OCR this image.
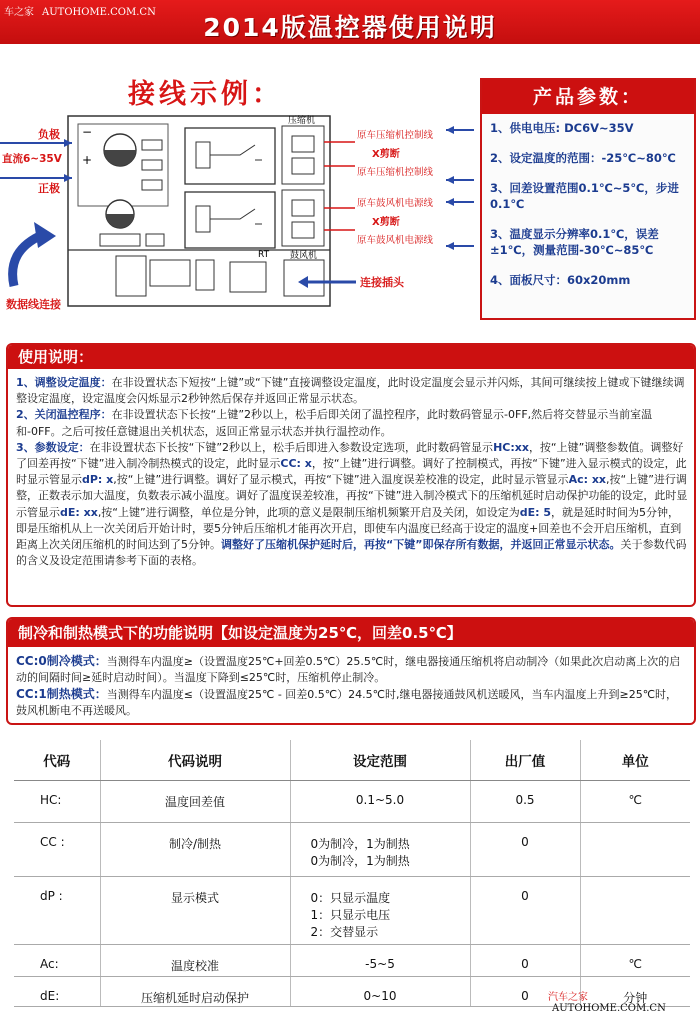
车之家 AUTOHOME.COM.CN
2014版温控器使用说明
接线示例：
−
+
压缩机
鼓风机
RT
负极
直流6~35V
正极
原车压缩机控制线
X剪断
原车压缩机控制线
原车鼓风机电源线
X剪断
原车鼓风机电源线
数据线连接
连接插头
产品参数：
1、供电电压: DC6V~35V
2、设定温度的范围：-25℃~80℃
3、回差设置范围0.1℃~5℃，步进0.1℃
3、温度显示分辨率0.1℃，误差±1℃，测量范围-30℃~85℃
4、面板尺寸：60x20mm
使用说明：

1、调整设定温度：在非设置状态下短按“上键”或“下键”直接调整设定温度，此时设定温度会显示并闪烁，其间可继续按上键或下键继续调整设定温度，设定温度会闪烁显示2秒钟然后保存并返回正常显示状态。

2、关闭温控程序：在非设置状态下长按“上键”2秒以上，松手后即关闭了温控程序，此时数码管显示-0FF,然后将交替显示当前室温和-0FF。之后可按任意键退出关机状态，返回正常显示状态并执行温控动作。

3、参数设定：在非设置状态下长按“下键”2秒以上，松手后即进入参数设定选项，此时数码管显示HC:xx，按“上键”调整参数值。调整好了回差再按“下键”进入制冷制热模式的设定，此时显示CC: x，按“上键”进行调整。调好了控制模式，再按“下键”进入显示模式的设定，此时显示管显示dP: x,按“上键”进行调整。调好了显示模式，再按“下键”进入温度误差校准的设定，此时显示管显示Ac: xx,按“上键”进行调整，正数表示加大温度，负数表示减小温度。调好了温度误差较准，再按“下键”进入制冷模式下的压缩机延时启动保护功能的设定，此时显示管显示dE: xx,按“上键”进行调整，单位是分钟，此项的意义是限制压缩机频繁开启及关闭，如设定为dE: 5，就是延时时间为5分钟，即是压缩机从上一次关闭后开始计时，要5分钟后压缩机才能再次开启，即使车内温度已经高于设定的温度+回差也不会开启压缩机，直到距离上次关闭压缩机的时间达到了5分钟。调整好了压缩机保护延时后，再按“下键”即保存所有数据，并返回正常显示状态。关于参数代码的含义及设定范围请参考下面的表格。

制冷和制热模式下的功能说明【如设定温度为25℃，回差0.5℃】

CC:0制冷模式：当测得车内温度≥（设置温度25℃+回差0.5℃）25.5℃时，继电器接通压缩机将启动制冷（如果此次启动离上次的启动的间隔时间≥延时启动时间）。当温度下降到≤25℃时，压缩机停止制冷。

CC:1制热模式：当测得车内温度≤（设置温度25℃ - 回差0.5℃）24.5℃时,继电器接通鼓风机送暖风，当车内温度上升到≥25℃时，鼓风机断电不再送暖风。

代码	代码说明	设定范围	出厂值	单位
HC:	温度回差值	0.1~5.0	0.5	℃
CC :	制冷/制热	0为制冷，1为制热
0为制冷，1为制热	0	
dP :	显示模式	0：只显示温度
1：只显示电压
2：交替显示	0	
Ac:	温度校准	-5~5	0	℃
dE:	压缩机延时启动保护	0~10	0	分钟
汽车之家AUTOHOME.COM.CN
